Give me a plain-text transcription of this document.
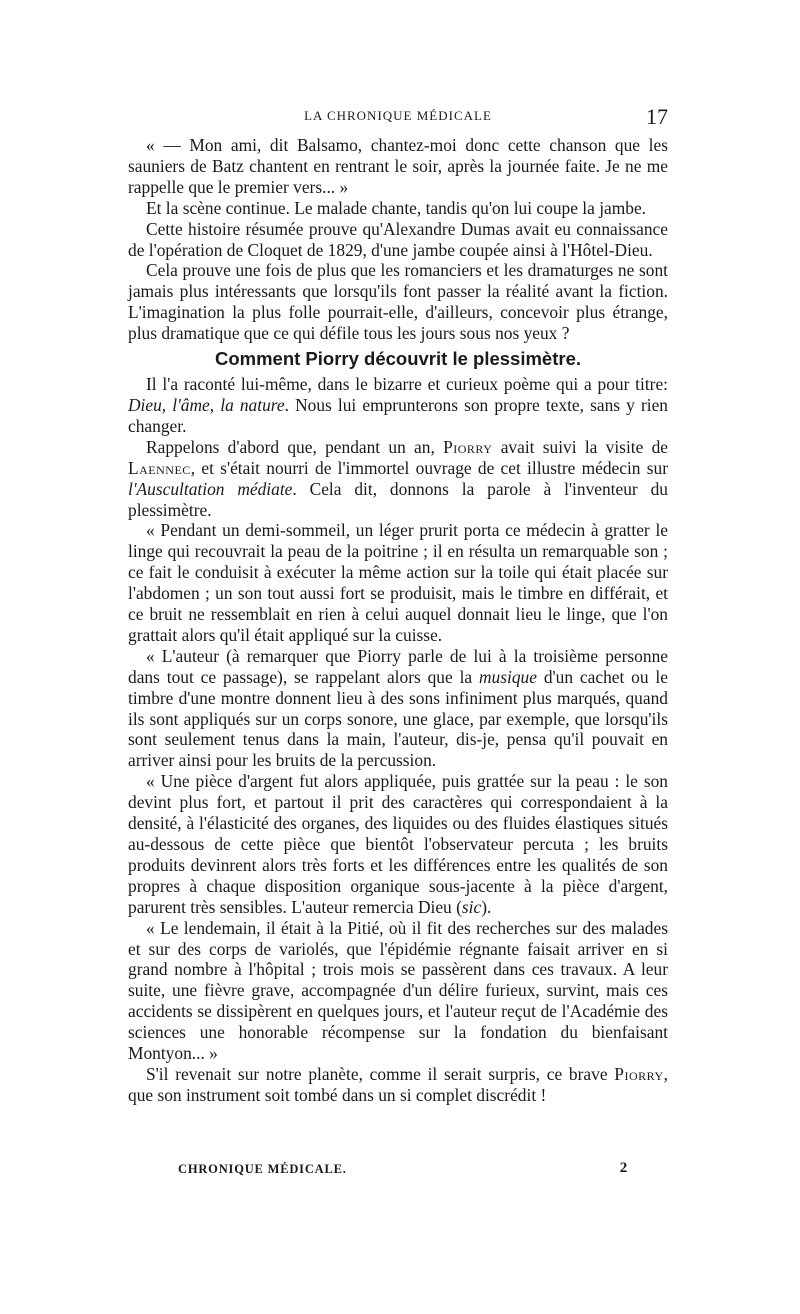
LA CHRONIQUE MÉDICALE	17

« — Mon ami, dit Balsamo, chantez-moi donc cette chanson que les sauniers de Batz chantent en rentrant le soir, après la journée faite. Je ne me rappelle que le premier vers... »

Et la scène continue. Le malade chante, tandis qu'on lui coupe la jambe.

Cette histoire résumée prouve qu'Alexandre Dumas avait eu connaissance de l'opération de Cloquet de 1829, d'une jambe coupée ainsi à l'Hôtel-Dieu.

Cela prouve une fois de plus que les romanciers et les dramaturges ne sont jamais plus intéressants que lorsqu'ils font passer la réalité avant la fiction. L'imagination la plus folle pourrait-elle, d'ailleurs, concevoir plus étrange, plus dramatique que ce qui défile tous les jours sous nos yeux ?

Comment Piorry découvrit le plessimètre.

Il l'a raconté lui-même, dans le bizarre et curieux poème qui a pour titre: Dieu, l'âme, la nature. Nous lui emprunterons son propre texte, sans y rien changer.

Rappelons d'abord que, pendant un an, Piorry avait suivi la visite de Laennec, et s'était nourri de l'immortel ouvrage de cet illustre médecin sur l'Auscultation médiate. Cela dit, donnons la parole à l'inventeur du plessimètre.

« Pendant un demi-sommeil, un léger prurit porta ce médecin à gratter le linge qui recouvrait la peau de la poitrine ; il en résulta un remarquable son ; ce fait le conduisit à exécuter la même action sur la toile qui était placée sur l'abdomen ; un son tout aussi fort se produisit, mais le timbre en différait, et ce bruit ne ressemblait en rien à celui auquel donnait lieu le linge, que l'on grattait alors qu'il était appliqué sur la cuisse.

« L'auteur (à remarquer que Piorry parle de lui à la troisième personne dans tout ce passage), se rappelant alors que la musique d'un cachet ou le timbre d'une montre donnent lieu à des sons infiniment plus marqués, quand ils sont appliqués sur un corps sonore, une glace, par exemple, que lorsqu'ils sont seulement tenus dans la main, l'auteur, dis-je, pensa qu'il pouvait en arriver ainsi pour les bruits de la percussion.

« Une pièce d'argent fut alors appliquée, puis grattée sur la peau : le son devint plus fort, et partout il prit des caractères qui correspondaient à la densité, à l'élasticité des organes, des liquides ou des fluides élastiques situés au-dessous de cette pièce que bientôt l'observateur percuta ; les bruits produits devinrent alors très forts et les différences entre les qualités de son propres à chaque disposition organique sous-jacente à la pièce d'argent, parurent très sensibles. L'auteur remercia Dieu (sic).

« Le lendemain, il était à la Pitié, où il fit des recherches sur des malades et sur des corps de variolés, que l'épidémie régnante faisait arriver en si grand nombre à l'hôpital ; trois mois se passèrent dans ces travaux. A leur suite, une fièvre grave, accompagnée d'un délire furieux, survint, mais ces accidents se dissipèrent en quelques jours, et l'auteur reçut de l'Académie des sciences une honorable récompense sur la fondation du bienfaisant Montyon... »

S'il revenait sur notre planète, comme il serait surpris, ce brave Piorry, que son instrument soit tombé dans un si complet discrédit !

CHRONIQUE MÉDICALE.	2
